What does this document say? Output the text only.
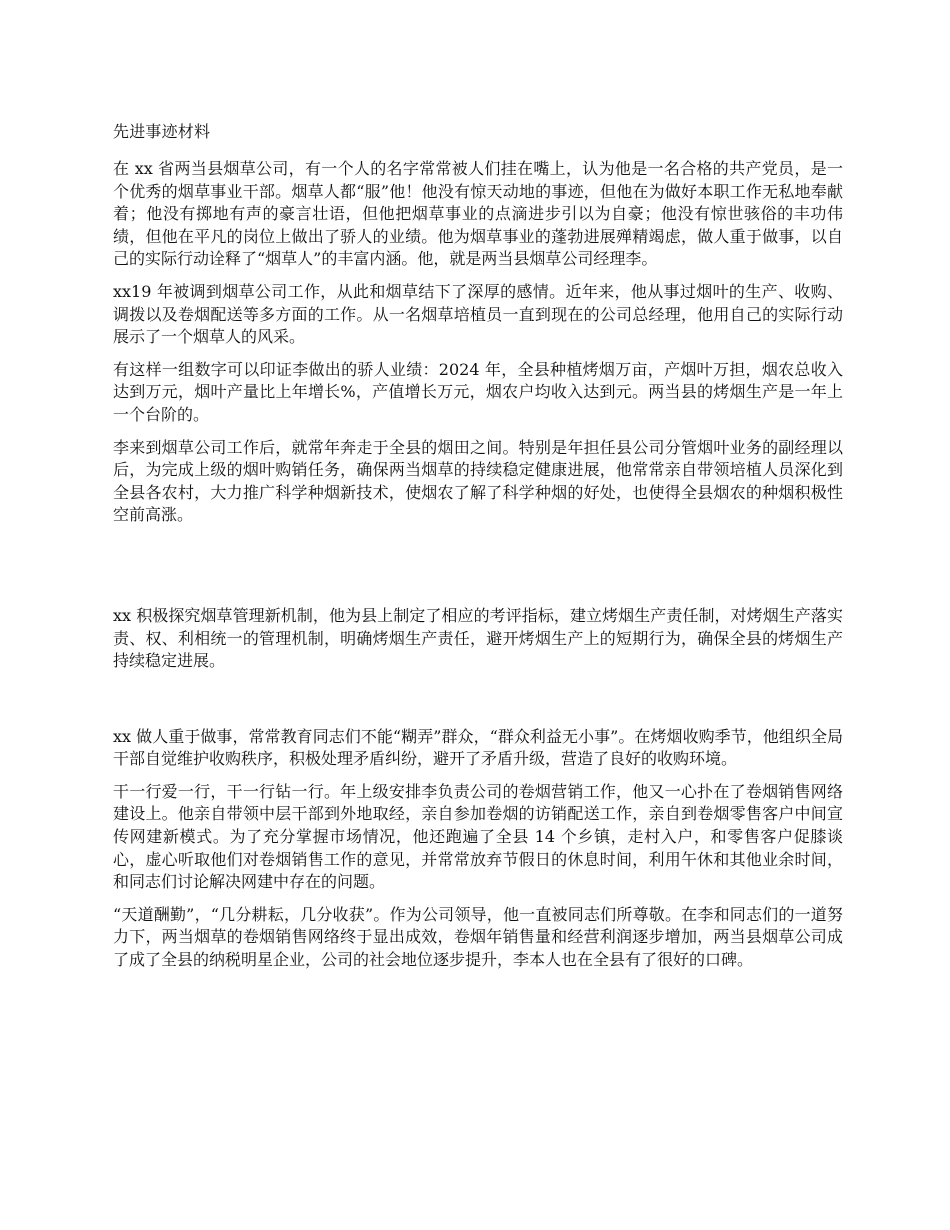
先进事迹材料

在 xx 省两当县烟草公司，有一个人的名字常常被人们挂在嘴上，认为他是一名合格的共产党员，是一个优秀的烟草事业干部。烟草人都“服”他！他没有惊天动地的事迹，但他在为做好本职工作无私地奉献着；他没有掷地有声的豪言壮语，但他把烟草事业的点滴进步引以为自豪；他没有惊世骇俗的丰功伟绩，但他在平凡的岗位上做出了骄人的业绩。他为烟草事业的蓬勃进展殚精竭虑，做人重于做事，以自己的实际行动诠释了“烟草人”的丰富内涵。他，就是两当县烟草公司经理李。

xx19 年被调到烟草公司工作，从此和烟草结下了深厚的感情。近年来，他从事过烟叶的生产、收购、调拨以及卷烟配送等多方面的工作。从一名烟草培植员一直到现在的公司总经理，他用自己的实际行动展示了一个烟草人的风采。

有这样一组数字可以印证李做出的骄人业绩：2024 年，全县种植烤烟万亩，产烟叶万担，烟农总收入达到万元，烟叶产量比上年增长%，产值增长万元，烟农户均收入达到元。两当县的烤烟生产是一年上一个台阶的。

李来到烟草公司工作后，就常年奔走于全县的烟田之间。特别是年担任县公司分管烟叶业务的副经理以后，为完成上级的烟叶购销任务，确保两当烟草的持续稳定健康进展，他常常亲自带领培植人员深化到全县各农村，大力推广科学种烟新技术，使烟农了解了科学种烟的好处，也使得全县烟农的种烟积极性空前高涨。

xx 积极探究烟草管理新机制，他为县上制定了相应的考评指标，建立烤烟生产责任制，对烤烟生产落实责、权、利相统一的管理机制，明确烤烟生产责任，避开烤烟生产上的短期行为，确保全县的烤烟生产持续稳定进展。

xx 做人重于做事，常常教育同志们不能“糊弄”群众，“群众利益无小事”。在烤烟收购季节，他组织全局干部自觉维护收购秩序，积极处理矛盾纠纷，避开了矛盾升级，营造了良好的收购环境。

干一行爱一行，干一行钻一行。年上级安排李负责公司的卷烟营销工作，他又一心扑在了卷烟销售网络建设上。他亲自带领中层干部到外地取经，亲自参加卷烟的访销配送工作，亲自到卷烟零售客户中间宣传网建新模式。为了充分掌握市场情况，他还跑遍了全县 14 个乡镇，走村入户，和零售客户促膝谈心，虚心听取他们对卷烟销售工作的意见，并常常放弃节假日的休息时间，利用午休和其他业余时间，和同志们讨论解决网建中存在的问题。

“天道酬勤”，“几分耕耘，几分收获”。作为公司领导，他一直被同志们所尊敬。在李和同志们的一道努力下，两当烟草的卷烟销售网络终于显出成效，卷烟年销售量和经营利润逐步增加，两当县烟草公司成了成了全县的纳税明星企业，公司的社会地位逐步提升，李本人也在全县有了很好的口碑。
